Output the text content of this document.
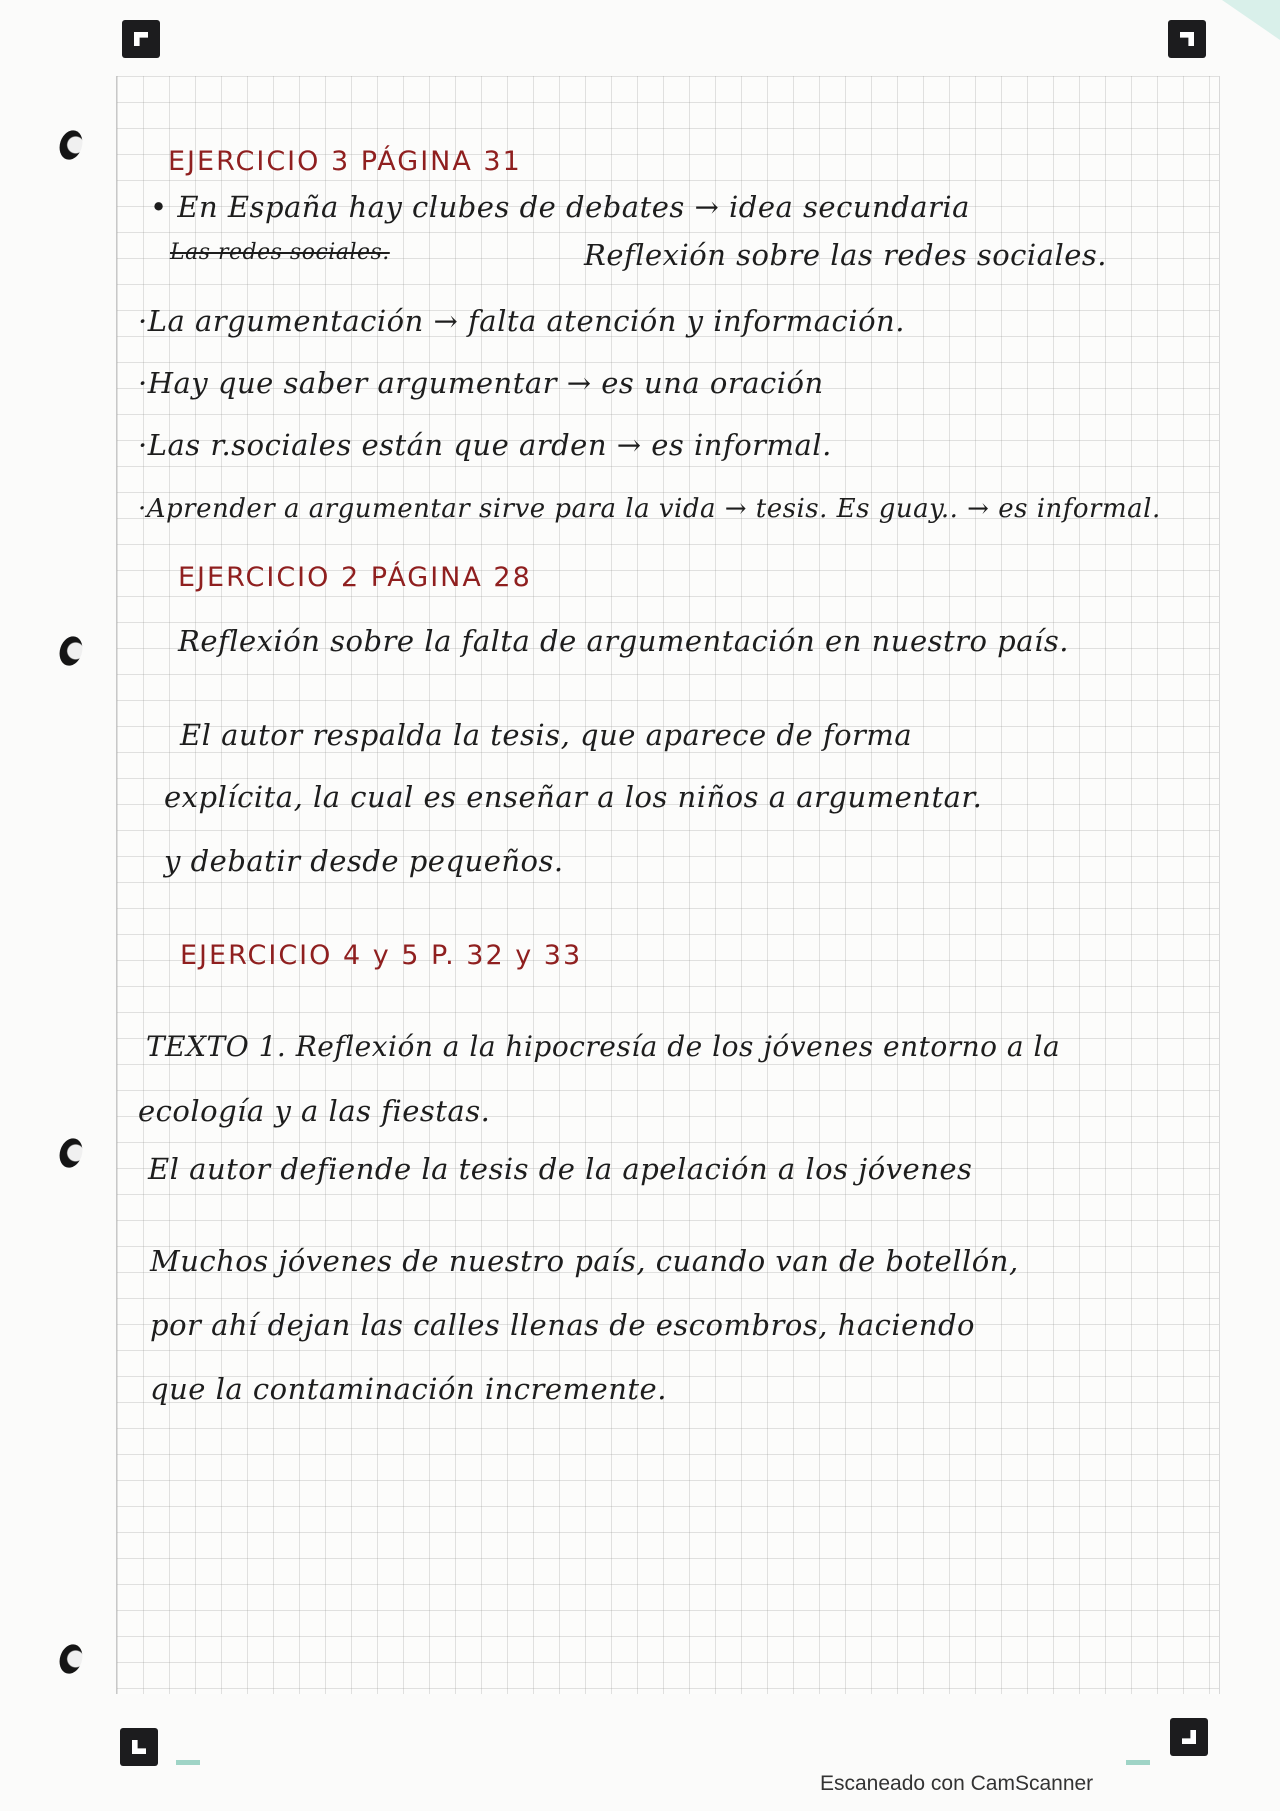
EJERCICIO 3 PÁGINA 31
• En España hay clubes de debates → idea secundaria
Las redes sociales.	Reflexión sobre las redes sociales.
·La argumentación → falta atención y información.
·Hay que saber argumentar → es una oración
·Las r.sociales están que arden → es informal.
·Aprender a argumentar sirve para la vida → tesis. Es guay.. → es informal.
EJERCICIO 2 PÁGINA 28
Reflexión sobre la falta de argumentación en nuestro país.
El autor respalda la tesis, que aparece de forma
explícita, la cual es enseñar a los niños a argumentar.
y debatir desde pequeños.
EJERCICIO 4 y 5 P. 32 y 33
TEXTO 1. Reflexión a la hipocresía de los jóvenes entorno a la
ecología y a las fiestas.
El autor defiende la tesis de la apelación a los jóvenes
Muchos jóvenes de nuestro país, cuando van de botellón,
por ahí dejan las calles llenas de escombros, haciendo
que la contaminación incremente.
Escaneado con CamScanner
